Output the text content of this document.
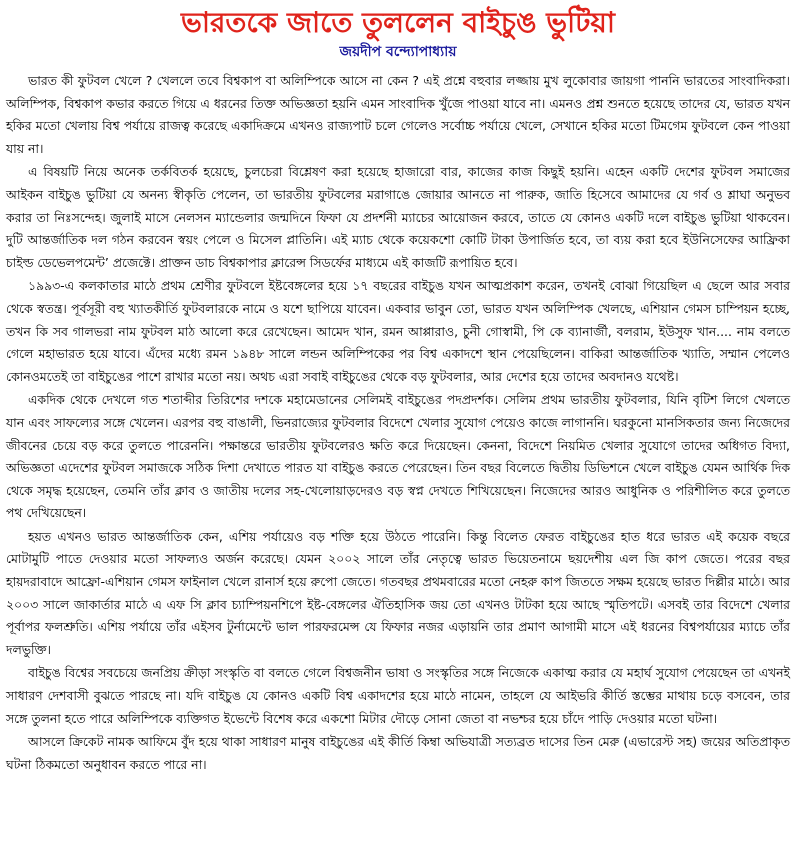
ভারতকে জাতে তুললেন বাইচুঙ ভুটিয়া
জয়দীপ বন্দ্যোপাধ্যায়

ভারত কী ফুটবল খেলে ? খেললে তবে বিশ্বকাপ বা অলিম্পিকে আসে না কেন ? এই প্রশ্নে বহুবার লজ্জায় মুখ লুকোবার জায়গা পাননি ভারতের সাংবাদিকরা। অলিম্পিক, বিশ্বকাপ কভার করতে গিয়ে এ ধরনের তিক্ত অভিজ্ঞতা হয়নি এমন সাংবাদিক খুঁজে পাওয়া যাবে না। এমনও প্রশ্ন শুনতে হয়েছে তাদের যে, ভারত যখন হকির মতো খেলায় বিশ্ব পর্যায়ে রাজত্ব করেছে একাদিক্রমে এখনও রাজ্যপাট চলে গেলেও সর্বোচ্চ পর্যায়ে খেলে, সেখানে হকির মতো টিমগেম ফুটবলে কেন পাওয়া যায় না।

এ বিষয়টি নিয়ে অনেক তর্কবিতর্ক হয়েছে, চুলচেরা বিশ্লেষণ করা হয়েছে হাজারো বার, কাজের কাজ কিছুই হয়নি। এহেন একটি দেশের ফুটবল সমাজের আইকন বাইচুঙ ভুটিয়া যে অনন্য স্বীকৃতি পেলেন, তা ভারতীয় ফুটবলের মরাগাঙে জোয়ার আনতে না পারুক, জাতি হিসেবে আমাদের যে গর্ব ও শ্লাঘা অনুভব করার তা নিঃসন্দেহ। জুলাই মাসে নেলসন ম্যান্ডেলার জন্মদিনে ফিফা যে প্রদর্শনী ম্যাচের আয়োজন করবে, তাতে যে কোনও একটি দলে বাইচুঙ ভুটিয়া থাকবেন। দুটি আন্তর্জাতিক দল গঠন করবেন স্বয়ং পেলে ও মিসেল প্লাতিনি। এই ম্যাচ থেকে কয়েকশো কোটি টাকা উপার্জিত হবে, তা ব্যয় করা হবে ইউনিসেফের আফ্রিকা চাইল্ড ডেভেলপমেন্ট’ প্রজেক্টে। প্রাক্তন ডাচ বিশ্বকাপার ক্লারেন্স সিডর্ফের মাধ্যমে এই কাজটি রূপায়িত হবে।

১৯৯৩-এ কলকাতার মাঠে প্রথম শ্রেণীর ফুটবলে ইষ্টবেঙ্গলের হয়ে ১৭ বছরের বাইচুঙ যখন আত্মপ্রকাশ করেন, তখনই বোঝা গিয়েছিল এ ছেলে আর সবার থেকে স্বতন্ত্র। পূর্বসূরী বহু খ্যাতকীর্তি ফুটবলারকে নামে ও যশে ছাপিয়ে যাবেন। একবার ভাবুন তো, ভারত যখন অলিম্পিক খেলছে, এশিয়ান গেমস চাম্পিয়ন হচ্ছে, তখন কি সব গালভরা নাম ফুটবল মাঠ আলো করে রেখেছেন। আমেদ খান, রমন আপ্পারাও, চুনী গোস্বামী, পি কে ব্যানার্জী, বলরাম, ইউসুফ খান.... নাম বলতে গেলে মহাভারত হয়ে যাবে। এঁদের মধ্যে রমন ১৯৪৮ সালে লন্ডন অলিম্পিকের পর বিশ্ব একাদশে স্থান পেয়েছিলেন। বাকিরা আন্তর্জাতিক খ্যাতি, সম্মান পেলেও কোনওমতেই তা বাইচুঙের পাশে রাখার মতো নয়। অথচ এরা সবাই বাইচুঙের থেকে বড় ফুটবলার, আর দেশের হয়ে তাদের অবদানও যথেষ্ট।

একদিক থেকে দেখলে গত শতাব্দীর তিরিশের দশকে মহামেডানের সেলিমই বাইচুঙের পদপ্রদর্শক। সেলিম প্রথম ভারতীয় ফুটবলার, যিনি বৃটিশ লিগে খেলতে যান এবং সাফল্যের সঙ্গে খেলেন। এরপর বহু বাঙালী, ভিনরাজ্যের ফুটবলার বিদেশে খেলার সুযোগ পেয়েও কাজে লাগাননি। ঘরকুনো মানসিকতার জন্য নিজেদের জীবনের চেয়ে বড় করে তুলতে পারেননি। পক্ষান্তরে ভারতীয় ফুটবলেরও ক্ষতি করে দিয়েছেন। কেননা, বিদেশে নিয়মিত খেলার সুযোগে তাদের অধিগত বিদ্যা, অভিজ্ঞতা এদেশের ফুটবল সমাজকে সঠিক দিশা দেখাতে পারত যা বাইচুঙ করতে পেরেছেন। তিন বছর বিলেতে দ্বিতীয় ডিভিশনে খেলে বাইচুঙ যেমন আর্থিক দিক থেকে সমৃদ্ধ হয়েছেন, তেমনি তাঁর ক্লাব ও জাতীয় দলের সহ-খেলোয়াড়দেরও বড় স্বপ্ন দেখতে শিখিয়েছেন। নিজেদের আরও আধুনিক ও পরিশীলিত করে তুলতে পথ দেখিয়েছেন।

হয়ত এখনও ভারত আন্তর্জাতিক কেন, এশিয় পর্যায়েও বড় শক্তি হয়ে উঠতে পারেনি। কিন্তু বিলেত ফেরত বাইচুঙের হাত ধরে ভারত এই কয়েক বছরে মোটামুটি পাতে দেওয়ার মতো সাফল্যও অর্জন করেছে। যেমন ২০০২ সালে তাঁর নেতৃত্বে ভারত ভিয়েতনামে ছয়দেশীয় এল জি কাপ জেতে। পরের বছর হায়দরাবাদে আফ্রো-এশিয়ান গেমস ফাইনাল খেলে রানার্স হয়ে রুপো জেতে। গতবছর প্রথমবারের মতো নেহরু কাপ জিততে সক্ষম হয়েছে ভারত দিল্লীর মাঠে। আর ২০০৩ সালে জাকার্তার মাঠে এ এফ সি ক্লাব চ্যাম্পিয়নশিপে ইষ্ট-বেঙ্গলের ঐতিহাসিক জয় তো এখনও টাটকা হয়ে আছে স্মৃতিপটে। এসবই তার বিদেশে খেলার পূর্বাপর ফলশ্রুতি। এশিয় পর্যায়ে তাঁর এইসব টুর্নামেন্টে ভাল পারফরমেন্স যে ফিফার নজর এড়ায়নি তার প্রমাণ আগামী মাসে এই ধরনের বিশ্বপর্যায়ের ম্যাচে তাঁর দলভুক্তি।

বাইচুঙ বিশ্বের সবচেয়ে জনপ্রিয় ক্রীড়া সংস্কৃতি বা বলতে গেলে বিশ্বজনীন ভাষা ও সংস্কৃতির সঙ্গে নিজেকে একাত্ম করার যে মহার্ঘ সুযোগ পেয়েছেন তা এখনই সাধারণ দেশবাসী বুঝতে পারছে না। যদি বাইচুঙ যে কোনও একটি বিশ্ব একাদশের হয়ে মাঠে নামেন, তাহলে যে আইভরি কীর্তি স্তম্ভের মাথায় চড়ে বসবেন, তার সঙ্গে তুলনা হতে পারে অলিম্পিকে ব্যক্তিগত ইভেন্টে বিশেষ করে একশো মিটার দৌড়ে সোনা জেতা বা নভশ্চর হয়ে চাঁদে পাড়ি দেওয়ার মতো ঘটনা।

আসলে ক্রিকেট নামক আফিমে বুঁদ হয়ে থাকা সাধারণ মানুষ বাইচুঙের এই কীর্তি কিম্বা অভিযাত্রী সত্যব্রত দাসের তিন মেরু (এভারেস্ট সহ) জয়ের অতিপ্রাকৃত ঘটনা ঠিকমতো অনুধাবন করতে পারে না।
